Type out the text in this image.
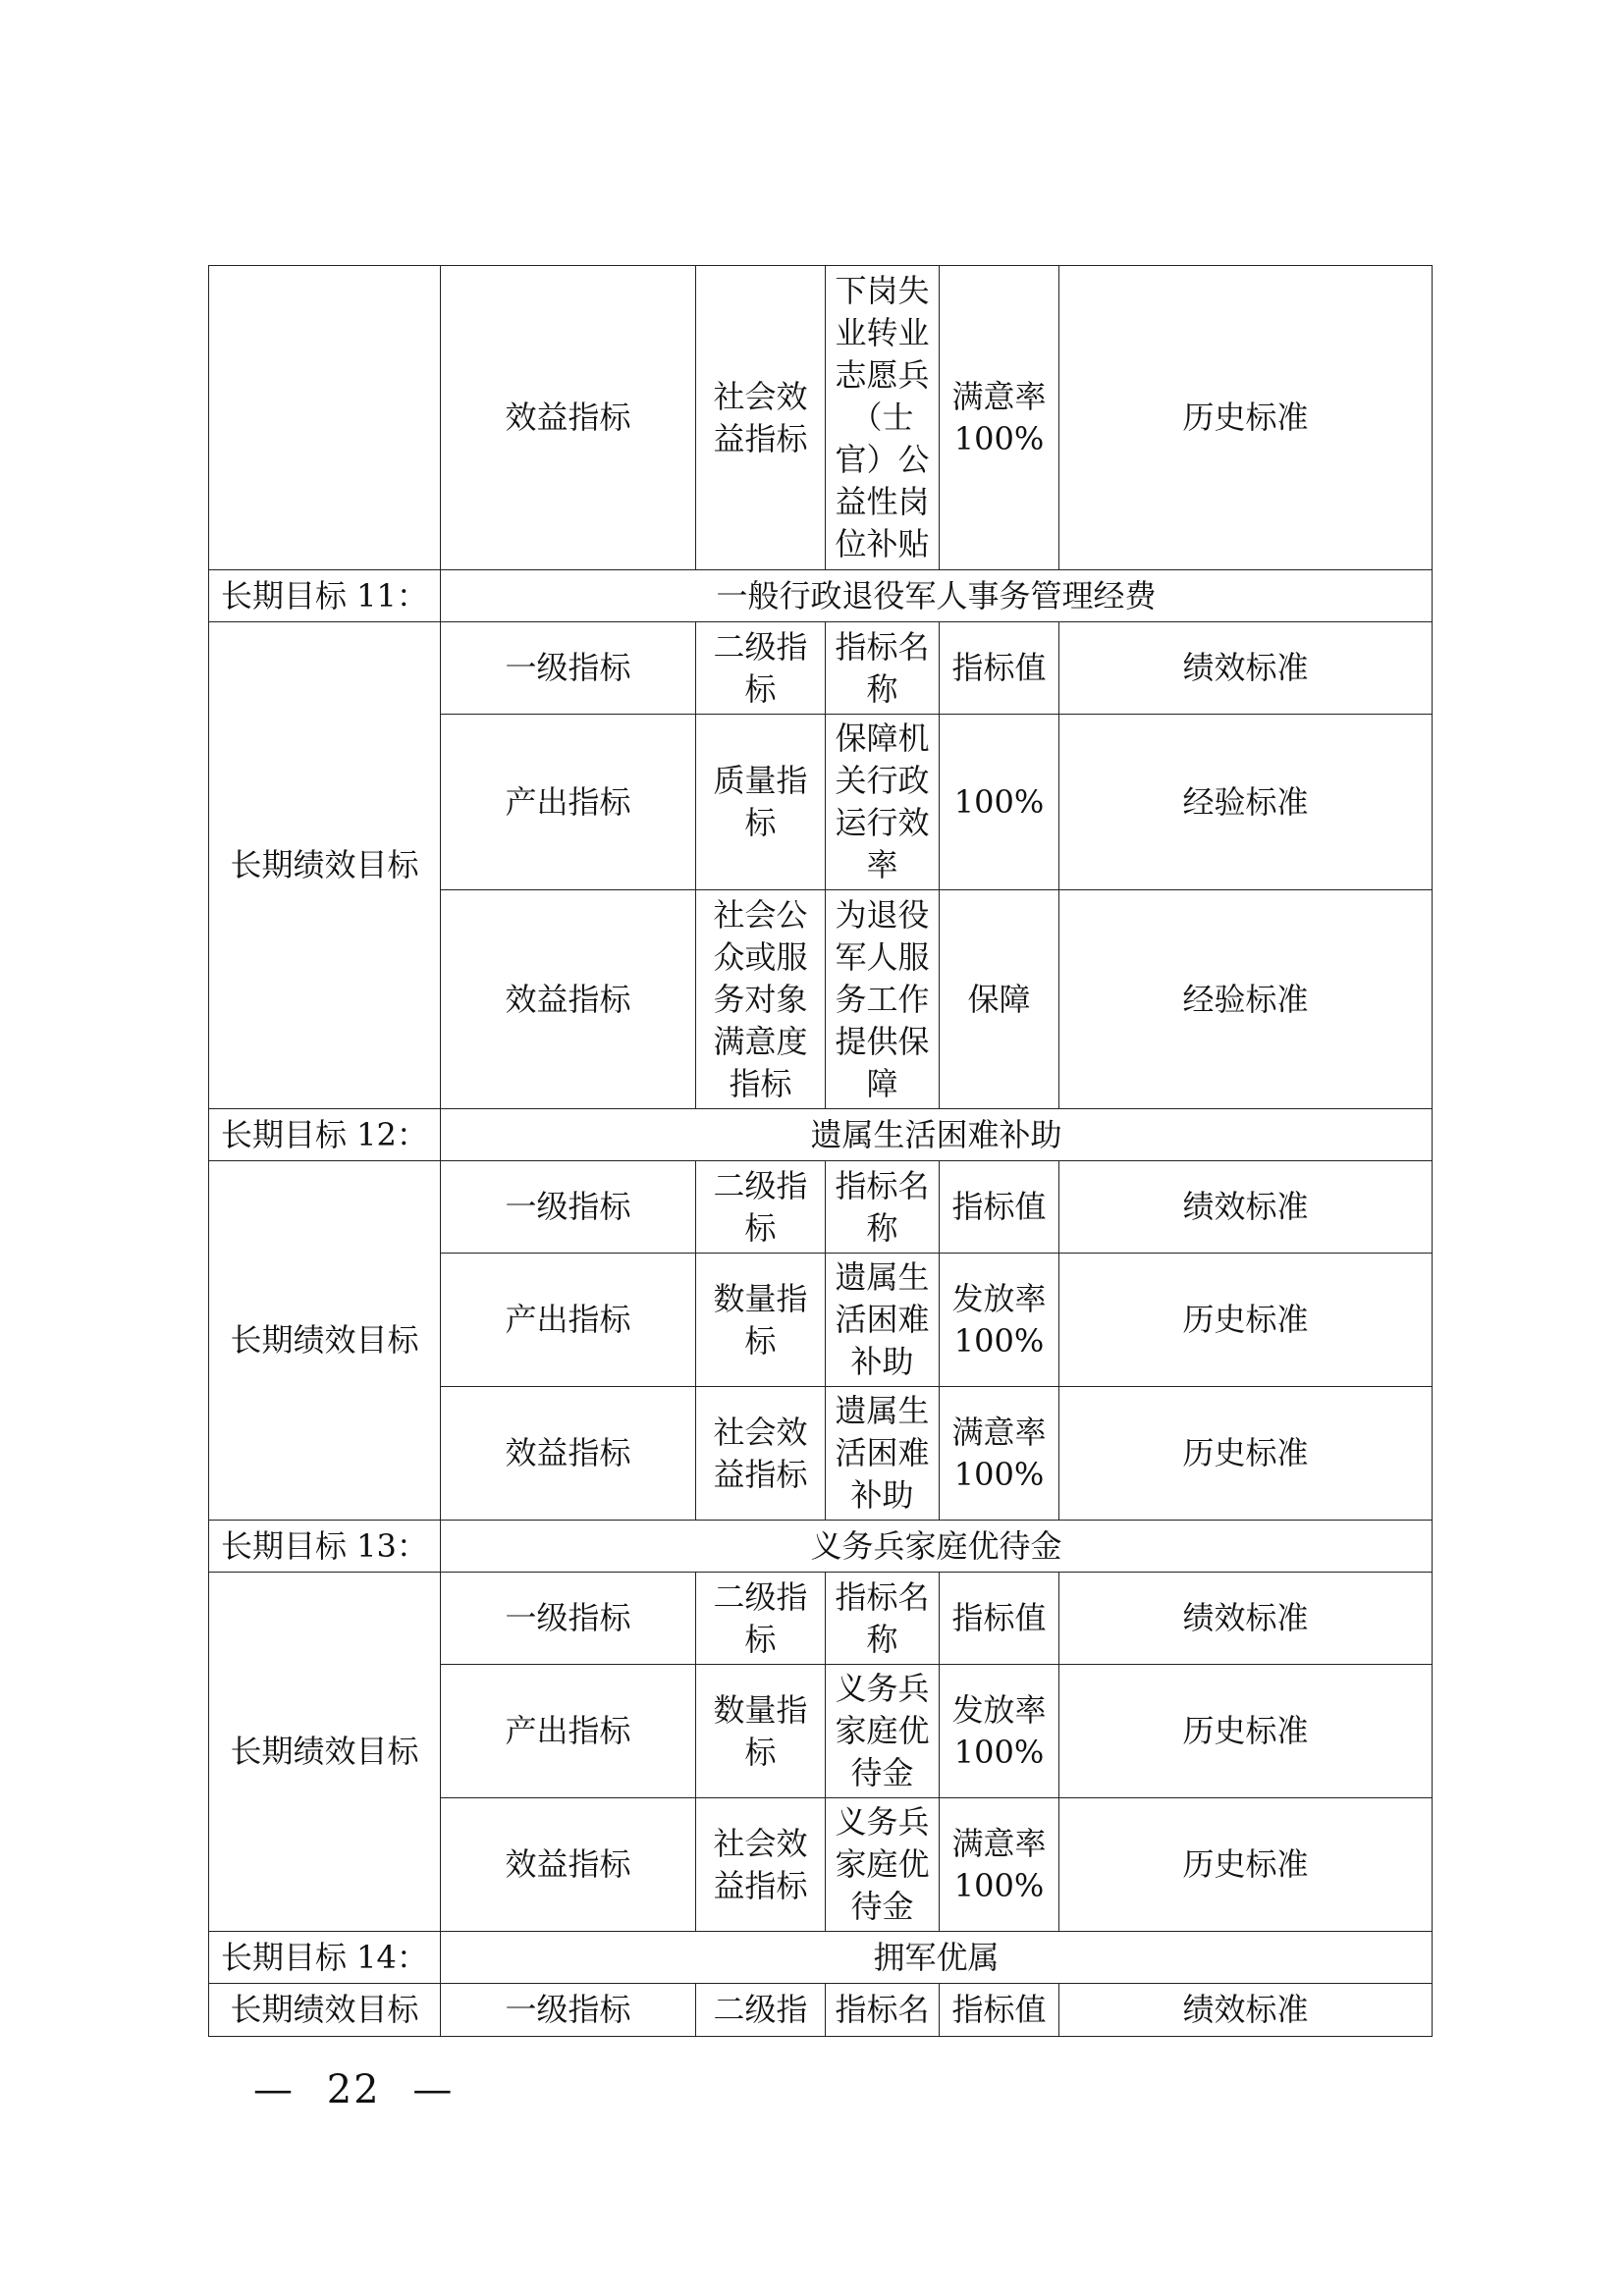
	效益指标	社会效益指标	下岗失业转业志愿兵（士官）公益性岗位补贴	满意率100%	历史标准
长期目标 11：	一般行政退役军人事务管理经费				
长期绩效目标	一级指标	二级指标	指标名称	指标值	绩效标准
	产出指标	质量指标	保障机关行政运行效率	100%	经验标准
	效益指标	社会公众或服务对象满意度指标	为退役军人服务工作提供保障	保障	经验标准
长期目标 12：	遗属生活困难补助				
长期绩效目标	一级指标	二级指标	指标名称	指标值	绩效标准
	产出指标	数量指标	遗属生活困难补助	发放率100%	历史标准
	效益指标	社会效益指标	遗属生活困难补助	满意率100%	历史标准
长期目标 13：	义务兵家庭优待金				
长期绩效目标	一级指标	二级指标	指标名称	指标值	绩效标准
	产出指标	数量指标	义务兵家庭优待金	发放率100%	历史标准
	效益指标	社会效益指标	义务兵家庭优待金	满意率100%	历史标准
长期目标 14：	拥军优属				
长期绩效目标	一级指标	二级指	指标名	指标值	绩效标准
— 22 —
